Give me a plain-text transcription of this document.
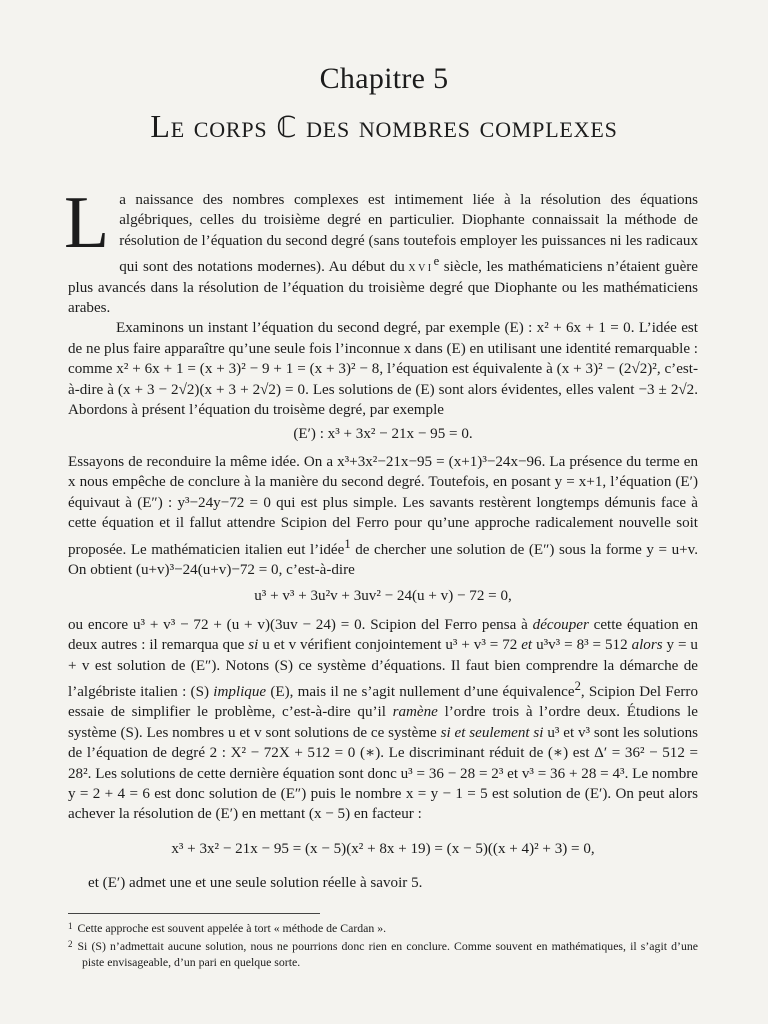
Chapitre 5
Le corps ℂ des nombres complexes

La naissance des nombres complexes est intimement liée à la résolution des équations algébriques, celles du troisième degré en particulier. Diophante connaissait la méthode de résolution de l’équation du second degré (sans toutefois employer les puissances ni les radicaux qui sont des notations modernes). Au début du xvi$^e$ siècle, les mathématiciens n’étaient guère plus avancés dans la résolution de l’équation du troisième degré que Diophante ou les mathématiciens arabes.

Examinons un instant l’équation du second degré, par exemple (E) : x² + 6x + 1 = 0. L’idée est de ne plus faire apparaître qu’une seule fois l’inconnue x dans (E) en utilisant une identité remarquable : comme x² + 6x + 1 = (x + 3)² − 9 + 1 = (x + 3)² − 8, l’équation est équivalente à (x + 3)² − (2√2)², c’est-à-dire à (x + 3 − 2√2)(x + 3 + 2√2) = 0. Les solutions de (E) sont alors évidentes, elles valent −3 ± 2√2. Abordons à présent l’équation du troisème degré, par exemple

(E′) : x³ + 3x² − 21x − 95 = 0.

Essayons de reconduire la même idée. On a x³+3x²−21x−95 = (x+1)³−24x−96. La présence du terme en x nous empêche de conclure à la manière du second degré. Toutefois, en posant y = x+1, l’équation (E′) équivaut à (E″) : y³−24y−72 = 0 qui est plus simple. Les savants restèrent longtemps démunis face à cette équation et il fallut attendre Scipion del Ferro pour qu’une approche radicalement nouvelle soit proposée. Le mathématicien italien eut l’idée$^1$ de chercher une solution de (E″) sous la forme y = u+v. On obtient (u+v)³−24(u+v)−72 = 0, c’est-à-dire

u³ + v³ + 3u²v + 3uv² − 24(u + v) − 72 = 0,

ou encore u³ + v³ − 72 + (u + v)(3uv − 24) = 0. Scipion del Ferro pensa à découper cette équation en deux autres : il remarqua que si u et v vérifient conjointement u³ + v³ = 72 et u³v³ = 8³ = 512 alors y = u + v est solution de (E″). Notons (S) ce système d’équations. Il faut bien comprendre la démarche de l’algébriste italien : (S) implique (E), mais il ne s’agit nullement d’une équivalence$^2$, Scipion Del Ferro essaie de simplifier le problème, c’est-à-dire qu’il ramène l’ordre trois à l’ordre deux. Étudions le système (S). Les nombres u et v sont solutions de ce système si et seulement si u³ et v³ sont les solutions de l’équation de degré 2 : X² − 72X + 512 = 0 (∗). Le discriminant réduit de (∗) est Δ′ = 36² − 512 = 28². Les solutions de cette dernière équation sont donc u³ = 36 − 28 = 2³ et v³ = 36 + 28 = 4³. Le nombre y = 2 + 4 = 6 est donc solution de (E″) puis le nombre x = y − 1 = 5 est solution de (E′). On peut alors achever la résolution de (E′) en mettant (x − 5) en facteur :

x³ + 3x² − 21x − 95 = (x − 5)(x² + 8x + 19) = (x − 5)((x + 4)² + 3) = 0,

et (E′) admet une et une seule solution réelle à savoir 5.

$^1$ Cette approche est souvent appelée à tort « méthode de Cardan ».

$^2$ Si (S) n’admettait aucune solution, nous ne pourrions donc rien en conclure. Comme souvent en mathématiques, il s’agit d’une piste envisageable, d’un pari en quelque sorte.
